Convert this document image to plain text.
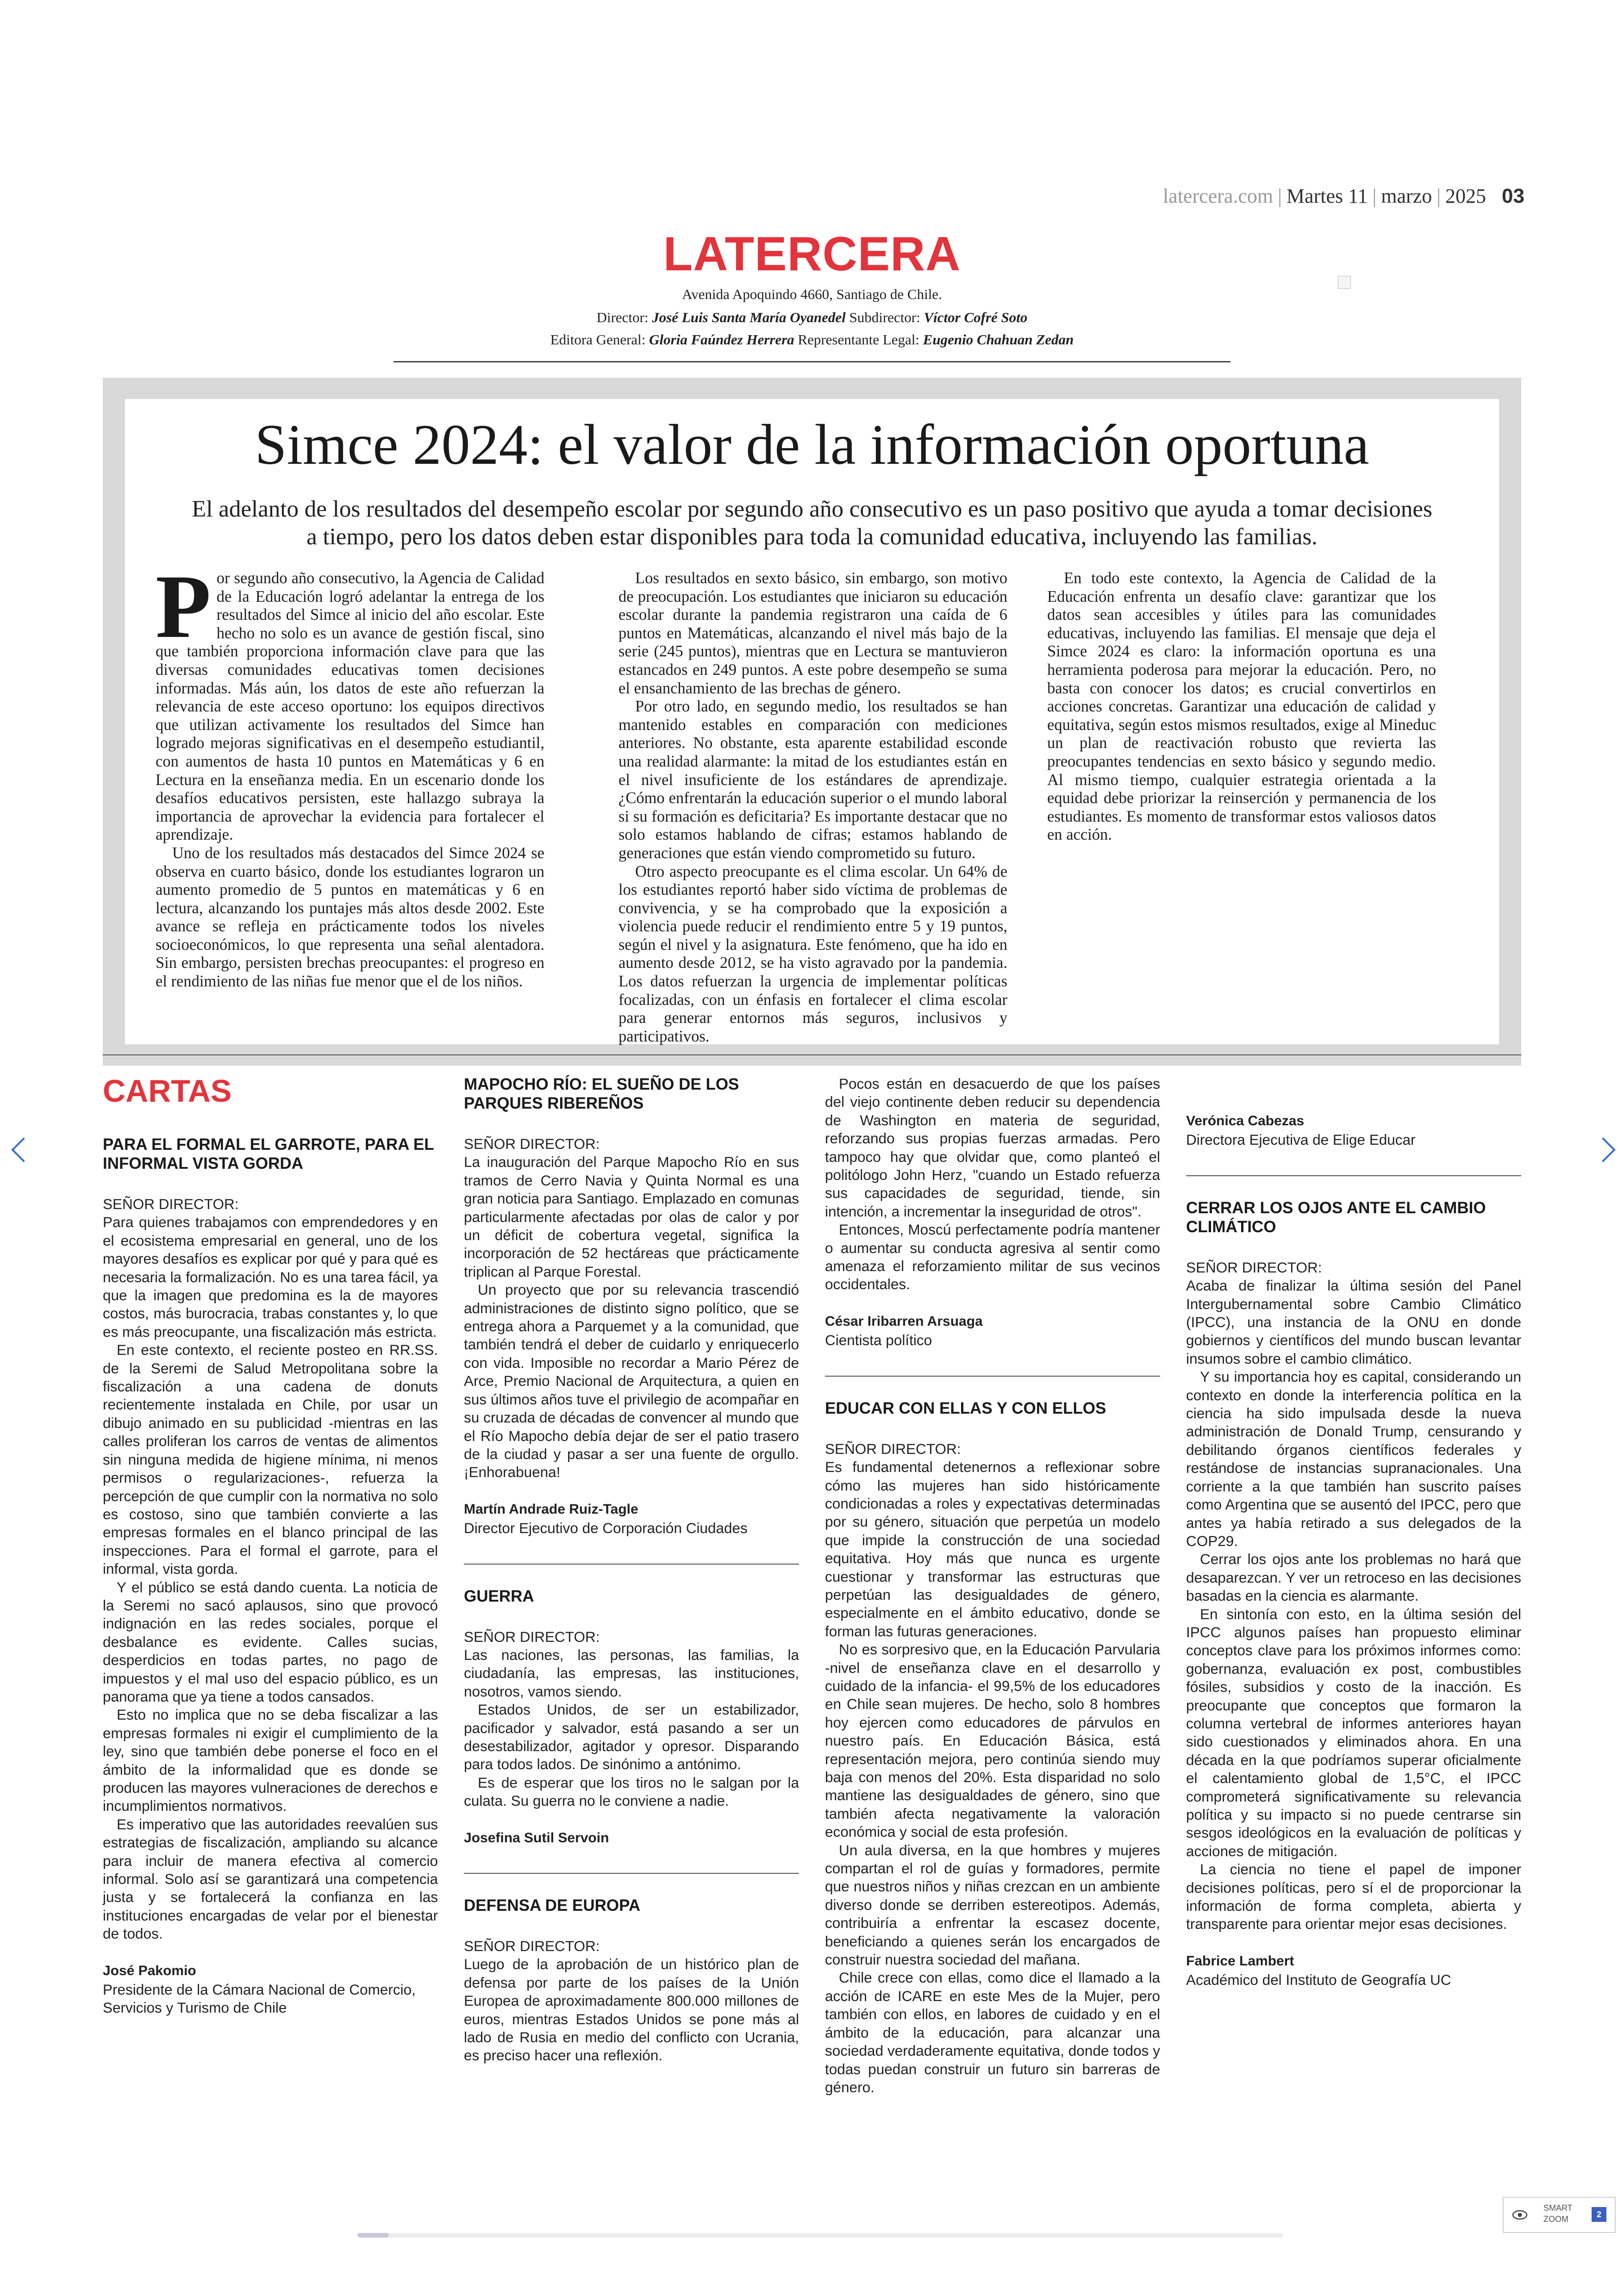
latercera.com | Martes 11 | marzo | 2025 03
LATERCERA
Avenida Apoquindo 4660, Santiago de Chile.
Director: José Luis Santa María Oyanedel Subdirector: Víctor Cofré Soto
Editora General: Gloria Faúndez Herrera Representante Legal: Eugenio Chahuan Zedan
Simce 2024: el valor de la información oportuna
El adelanto de los resultados del desempeño escolar por segundo año consecutivo es un paso positivo que ayuda a tomar decisiones a tiempo, pero los datos deben estar disponibles para toda la comunidad educativa, incluyendo las familias.

Por segundo año consecutivo, la Agencia de Calidad de la Educación logró adelantar la entrega de los resultados del Simce al inicio del año escolar. Este hecho no solo es un avance de gestión fiscal, sino que también proporciona información clave para que las diversas comunidades educativas tomen decisiones informadas. Más aún, los datos de este año refuerzan la relevancia de este acceso oportuno: los equipos directivos que utilizan activamente los resultados del Simce han logrado mejoras significativas en el desempeño estudiantil, con aumentos de hasta 10 puntos en Matemáticas y 6 en Lectura en la enseñanza media. En un escenario donde los desafíos educativos persisten, este hallazgo subraya la importancia de aprovechar la evidencia para fortalecer el aprendizaje.

Uno de los resultados más destacados del Simce 2024 se observa en cuarto básico, donde los estudiantes lograron un aumento promedio de 5 puntos en matemáticas y 6 en lectura, alcanzando los puntajes más altos desde 2002. Este avance se refleja en prácticamente todos los niveles socioeconómicos, lo que representa una señal alentadora. Sin embargo, persisten brechas preocupantes: el progreso en el rendimiento de las niñas fue menor que el de los niños.

Los resultados en sexto básico, sin embargo, son motivo de preocupación. Los estudiantes que iniciaron su educación escolar durante la pandemia registraron una caída de 6 puntos en Matemáticas, alcanzando el nivel más bajo de la serie (245 puntos), mientras que en Lectura se mantuvieron estancados en 249 puntos. A este pobre desempeño se suma el ensanchamiento de las brechas de género.

Por otro lado, en segundo medio, los resultados se han mantenido estables en comparación con mediciones anteriores. No obstante, esta aparente estabilidad esconde una realidad alarmante: la mitad de los estudiantes están en el nivel insuficiente de los estándares de aprendizaje. ¿Cómo enfrentarán la educación superior o el mundo laboral si su formación es deficitaria? Es importante destacar que no solo estamos hablando de cifras; estamos hablando de generaciones que están viendo comprometido su futuro.

Otro aspecto preocupante es el clima escolar. Un 64% de los estudiantes reportó haber sido víctima de problemas de convivencia, y se ha comprobado que la exposición a violencia puede reducir el rendimiento entre 5 y 19 puntos, según el nivel y la asignatura. Este fenómeno, que ha ido en aumento desde 2012, se ha visto agravado por la pandemia. Los datos refuerzan la urgencia de implementar políticas focalizadas, con un énfasis en fortalecer el clima escolar para generar entornos más seguros, inclusivos y participativos.

En todo este contexto, la Agencia de Calidad de la Educación enfrenta un desafío clave: garantizar que los datos sean accesibles y útiles para las comunidades educativas, incluyendo las familias. El mensaje que deja el Simce 2024 es claro: la información oportuna es una herramienta poderosa para mejorar la educación. Pero, no basta con conocer los datos; es crucial convertirlos en acciones concretas. Garantizar una educación de calidad y equitativa, según estos mismos resultados, exige al Mineduc un plan de reactivación robusto que revierta las preocupantes tendencias en sexto básico y segundo medio. Al mismo tiempo, cualquier estrategia orientada a la equidad debe priorizar la reinserción y permanencia de los estudiantes. Es momento de transformar estos valiosos datos en acción.

CARTAS
PARA EL FORMAL EL GARROTE, PARA EL INFORMAL VISTA GORDA
SEÑOR DIRECTOR:

Para quienes trabajamos con emprendedores y en el ecosistema empresarial en general, uno de los mayores desafíos es explicar por qué y para qué es necesaria la formalización. No es una tarea fácil, ya que la imagen que predomina es la de mayores costos, más burocracia, trabas constantes y, lo que es más preocupante, una fiscalización más estricta.

En este contexto, el reciente posteo en RR.SS. de la Seremi de Salud Metropolitana sobre la fiscalización a una cadena de donuts recientemente instalada en Chile, por usar un dibujo animado en su publicidad -mientras en las calles proliferan los carros de ventas de alimentos sin ninguna medida de higiene mínima, ni menos permisos o regularizaciones-, refuerza la percepción de que cumplir con la normativa no solo es costoso, sino que también convierte a las empresas formales en el blanco principal de las inspecciones. Para el formal el garrote, para el informal, vista gorda.

Y el público se está dando cuenta. La noticia de la Seremi no sacó aplausos, sino que provocó indignación en las redes sociales, porque el desbalance es evidente. Calles sucias, desperdicios en todas partes, no pago de impuestos y el mal uso del espacio público, es un panorama que ya tiene a todos cansados.

Esto no implica que no se deba fiscalizar a las empresas formales ni exigir el cumplimiento de la ley, sino que también debe ponerse el foco en el ámbito de la informalidad que es donde se producen las mayores vulneraciones de derechos e incumplimientos normativos.

Es imperativo que las autoridades reevalúen sus estrategias de fiscalización, ampliando su alcance para incluir de manera efectiva al comercio informal. Solo así se garantizará una competencia justa y se fortalecerá la confianza en las instituciones encargadas de velar por el bienestar de todos.

José Pakomio
Presidente de la Cámara Nacional de Comercio, Servicios y Turismo de Chile
MAPOCHO RÍO: EL SUEÑO DE LOS PARQUES RIBEREÑOS
SEÑOR DIRECTOR:

La inauguración del Parque Mapocho Río en sus tramos de Cerro Navia y Quinta Normal es una gran noticia para Santiago. Emplazado en comunas particularmente afectadas por olas de calor y por un déficit de cobertura vegetal, significa la incorporación de 52 hectáreas que prácticamente triplican al Parque Forestal.

Un proyecto que por su relevancia trascendió administraciones de distinto signo político, que se entrega ahora a Parquemet y a la comunidad, que también tendrá el deber de cuidarlo y enriquecerlo con vida. Imposible no recordar a Mario Pérez de Arce, Premio Nacional de Arquitectura, a quien en sus últimos años tuve el privilegio de acompañar en su cruzada de décadas de convencer al mundo que el Río Mapocho debía dejar de ser el patio trasero de la ciudad y pasar a ser una fuente de orgullo. ¡Enhorabuena!

Martín Andrade Ruiz-Tagle
Director Ejecutivo de Corporación Ciudades
GUERRA
SEÑOR DIRECTOR:

Las naciones, las personas, las familias, la ciudadanía, las empresas, las instituciones, nosotros, vamos siendo.

Estados Unidos, de ser un estabilizador, pacificador y salvador, está pasando a ser un desestabilizador, agitador y opresor. Disparando para todos lados. De sinónimo a antónimo.

Es de esperar que los tiros no le salgan por la culata. Su guerra no le conviene a nadie.

Josefina Sutil Servoin
DEFENSA DE EUROPA
SEÑOR DIRECTOR:

Luego de la aprobación de un histórico plan de defensa por parte de los países de la Unión Europea de aproximadamente 800.000 millones de euros, mientras Estados Unidos se pone más al lado de Rusia en medio del conflicto con Ucrania, es preciso hacer una reflexión.

Pocos están en desacuerdo de que los países del viejo continente deben reducir su dependencia de Washington en materia de seguridad, reforzando sus propias fuerzas armadas. Pero tampoco hay que olvidar que, como planteó el politólogo John Herz, "cuando un Estado refuerza sus capacidades de seguridad, tiende, sin intención, a incrementar la inseguridad de otros".

Entonces, Moscú perfectamente podría mantener o aumentar su conducta agresiva al sentir como amenaza el reforzamiento militar de sus vecinos occidentales.

César Iribarren Arsuaga
Cientista político
EDUCAR CON ELLAS Y CON ELLOS
SEÑOR DIRECTOR:

Es fundamental detenernos a reflexionar sobre cómo las mujeres han sido históricamente condicionadas a roles y expectativas determinadas por su género, situación que perpetúa un modelo que impide la construcción de una sociedad equitativa. Hoy más que nunca es urgente cuestionar y transformar las estructuras que perpetúan las desigualdades de género, especialmente en el ámbito educativo, donde se forman las futuras generaciones.

No es sorpresivo que, en la Educación Parvularia -nivel de enseñanza clave en el desarrollo y cuidado de la infancia- el 99,5% de los educadores en Chile sean mujeres. De hecho, solo 8 hombres hoy ejercen como educadores de párvulos en nuestro país. En Educación Básica, está representación mejora, pero continúa siendo muy baja con menos del 20%. Esta disparidad no solo mantiene las desigualdades de género, sino que también afecta negativamente la valoración económica y social de esta profesión.

Un aula diversa, en la que hombres y mujeres compartan el rol de guías y formadores, permite que nuestros niños y niñas crezcan en un ambiente diverso donde se derriben estereotipos. Además, contribuiría a enfrentar la escasez docente, beneficiando a quienes serán los encargados de construir nuestra sociedad del mañana.

Chile crece con ellas, como dice el llamado a la acción de ICARE en este Mes de la Mujer, pero también con ellos, en labores de cuidado y en el ámbito de la educación, para alcanzar una sociedad verdaderamente equitativa, donde todos y todas puedan construir un futuro sin barreras de género.

Verónica Cabezas
Directora Ejecutiva de Elige Educar
CERRAR LOS OJOS ANTE EL CAMBIO CLIMÁTICO
SEÑOR DIRECTOR:

Acaba de finalizar la última sesión del Panel Intergubernamental sobre Cambio Climático (IPCC), una instancia de la ONU en donde gobiernos y científicos del mundo buscan levantar insumos sobre el cambio climático.

Y su importancia hoy es capital, considerando un contexto en donde la interferencia política en la ciencia ha sido impulsada desde la nueva administración de Donald Trump, censurando y debilitando órganos científicos federales y restándose de instancias supranacionales. Una corriente a la que también han suscrito países como Argentina que se ausentó del IPCC, pero que antes ya había retirado a sus delegados de la COP29.

Cerrar los ojos ante los problemas no hará que desaparezcan. Y ver un retroceso en las decisiones basadas en la ciencia es alarmante.

En sintonía con esto, en la última sesión del IPCC algunos países han propuesto eliminar conceptos clave para los próximos informes como: gobernanza, evaluación ex post, combustibles fósiles, subsidios y costo de la inacción. Es preocupante que conceptos que formaron la columna vertebral de informes anteriores hayan sido cuestionados y eliminados ahora. En una década en la que podríamos superar oficialmente el calentamiento global de 1,5°C, el IPCC comprometerá significativamente su relevancia política y su impacto si no puede centrarse sin sesgos ideológicos en la evaluación de políticas y acciones de mitigación.

La ciencia no tiene el papel de imponer decisiones políticas, pero sí el de proporcionar la información de forma completa, abierta y transparente para orientar mejor esas decisiones.

Fabrice Lambert
Académico del Instituto de Geografía UC
SMART
ZOOM	2
